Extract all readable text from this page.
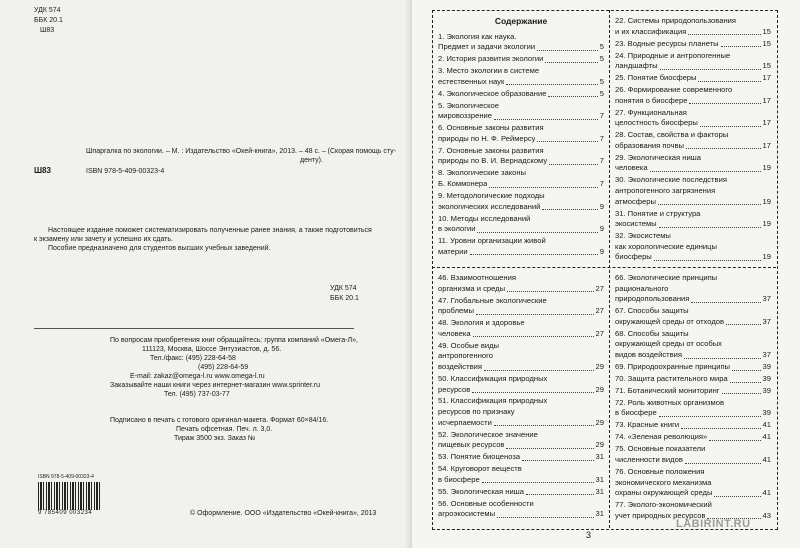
УДК 574
ББК 20.1
Ш83
Шпаргалка по экологии. – М. : Издательство «Окей-книга», 2013. – 48 с. – (Скорая помощь сту-
денту).
Ш83	ISBN 978-5-409-00323-4
Настоящее издание поможет систематизировать полученные ранее знания, а также подготовиться
к экзамену или зачету и успешно их сдать.
Пособие предназначено для студентов высших учебных заведений.
УДК 574
ББК 20.1
По вопросам приобретения книг обращайтесь: группа компаний «Омега-Л»,
111123, Москва, Шоссе Энтузиастов, д. 56.
Тел./факс: (495) 228-64-58
(495) 228-64-59
E-mail: zakaz@omega-l.ru www.omega-l.ru
Заказывайте наши книги через интернет-магазин www.sprinter.ru
Тел. (495) 737-03-77
Подписано в печать с готового оригинал-макета. Формат 60×84/16.
Печать офсетная. Печ. л. 3,0.
Тираж 3500 экз. Заказ №
ISBN 978-5-409-00323-4
9 785409 003234	© Оформление. ООО «Издательство «Окей-книга», 2013
Содержание
1. Экология как наука.
Предмет и задачи экологии	5
2. История развития экологии	5
3. Место экологии в системе
естественных наук	5
4. Экологическое образование	5
5. Экологическое
мировоззрение	7
6. Основные законы развития
природы по Н. Ф. Реймерсу	7
7. Основные законы развития
природы по В. И. Вернадскому	7
8. Экологические законы
Б. Коммонера	7
9. Методологические подходы
экологических исследований	9
10. Методы исследований
в экологии	9
11. Уровни организации живой
материи	9
22. Системы природопользования
и их классификация	15
23. Водные ресурсы планеты	15
24. Природные и антропогенные
ландшафты	15
25. Понятие биосферы	17
26. Формирование современного
понятия о биосфере	17
27. Функциональная
целостность биосферы	17
28. Состав, свойства и факторы
образования почвы	17
29. Экологическая ниша
человека	19
30. Экологические последствия
антропогенного загрязнения
атмосферы	19
31. Понятие и структура
экосистемы	19
32. Экосистемы
как хорологические единицы
биосферы	19
46. Взаимоотношения
организма и среды	27
47. Глобальные экологические
проблемы	27
48. Экология и здоровье
человека	27
49. Особые виды
антропогенного
воздействия	29
50. Классификация природных
ресурсов	29
51. Классификация природных
ресурсов по признаку
исчерпаемости	29
52. Экологическое значение
пищевых ресурсов	29
53. Понятие биоценоза	31
54. Круговорот веществ
в биосфере	31
55. Экологическая ниша	31
56. Основные особенности
агроэкосистемы	31
66. Экологические принципы
рационального
природопользования	37
67. Способы защиты
окружающей среды от отходов	37
68. Способы защиты
окружающей среды от особых
видов воздействия	37
69. Природоохранные принципы	39
70. Защита растительного мира	39
71. Ботанический мониторинг	39
72. Роль животных организмов
в биосфере	39
73. Красные книги	41
74. «Зеленая революция»	41
75. Основные показатели
численности видов	41
76. Основные положения
экономического механизма
охраны окружающей среды	41
77. Эколого-экономический
учет природных ресурсов	43
3
LABIRINT.RU
